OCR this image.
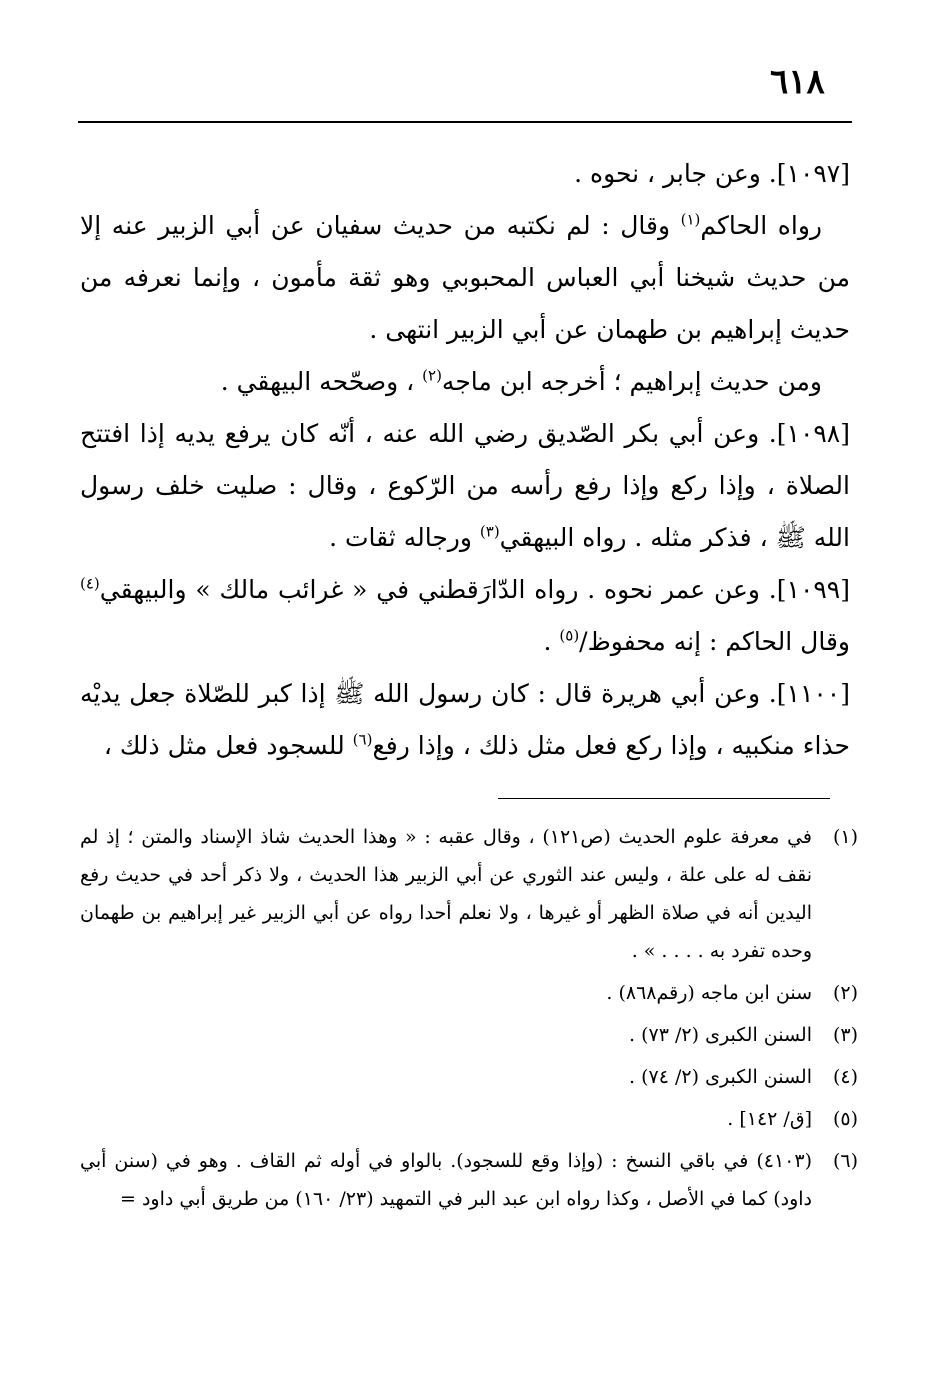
٦١٨

[١٠٩٧]. وعن جابر ، نحوه .

رواه الحاكم$^{(١)}$ وقال : لم نكتبه من حديث سفيان عن أبي الزبير عنه إلا من حديث شيخنا أبي العباس المحبوبي وهو ثقة مأمون ، وإنما نعرفه من حديث إبراهيم بن طهمان عن أبي الزبير انتهى .

ومن حديث إبراهيم ؛ أخرجه ابن ماجه$^{(٢)}$ ، وصحّحه البيهقي .

[١٠٩٨]. وعن أبي بكر الصّديق رضي الله عنه ، أنّه كان يرفع يديه إذا افتتح الصلاة ، وإذا ركع وإذا رفع رأسه من الرّكوع ، وقال : صليت خلف رسول الله ﷺ ، فذكر مثله . رواه البيهقي$^{(٣)}$ ورجاله ثقات .

[١٠٩٩]. وعن عمر نحوه . رواه الدّارَقطني في « غرائب مالك » والبيهقي$^{(٤)}$ وقال الحاكم : إنه محفوظ/$^{(٥)}$ .

[١١٠٠]. وعن أبي هريرة قال : كان رسول الله ﷺ إذا كبر للصّلاة جعل يديْه حذاء منكبيه ، وإذا ركع فعل مثل ذلك ، وإذا رفع$^{(٦)}$ للسجود فعل مثل ذلك ،

(١)
في معرفة علوم الحديث (ص١٢١) ، وقال عقبه : « وهذا الحديث شاذ الإسناد والمتن ؛ إذ لم نقف له على علة ، وليس عند الثوري عن أبي الزبير هذا الحديث ، ولا ذكر أحد في حديث رفع اليدين أنه في صلاة الظهر أو غيرها ، ولا نعلم أحدا رواه عن أبي الزبير غير إبراهيم بن طهمان وحده تفرد به . . . . » .
(٢)
سنن ابن ماجه (رقم٨٦٨) .
(٣)
السنن الكبرى (٢/ ٧٣) .
(٤)
السنن الكبرى (٢/ ٧٤) .
(٥)
[ق/ ١٤٢] .
(٦)
(٤١٠٣) في باقي النسخ : (وإذا وقع للسجود). بالواو في أوله ثم القاف . وهو في (سنن أبي داود) كما في الأصل ، وكذا رواه ابن عبد البر في التمهيد (٢٣/ ١٦٠) من طريق أبي داود =
